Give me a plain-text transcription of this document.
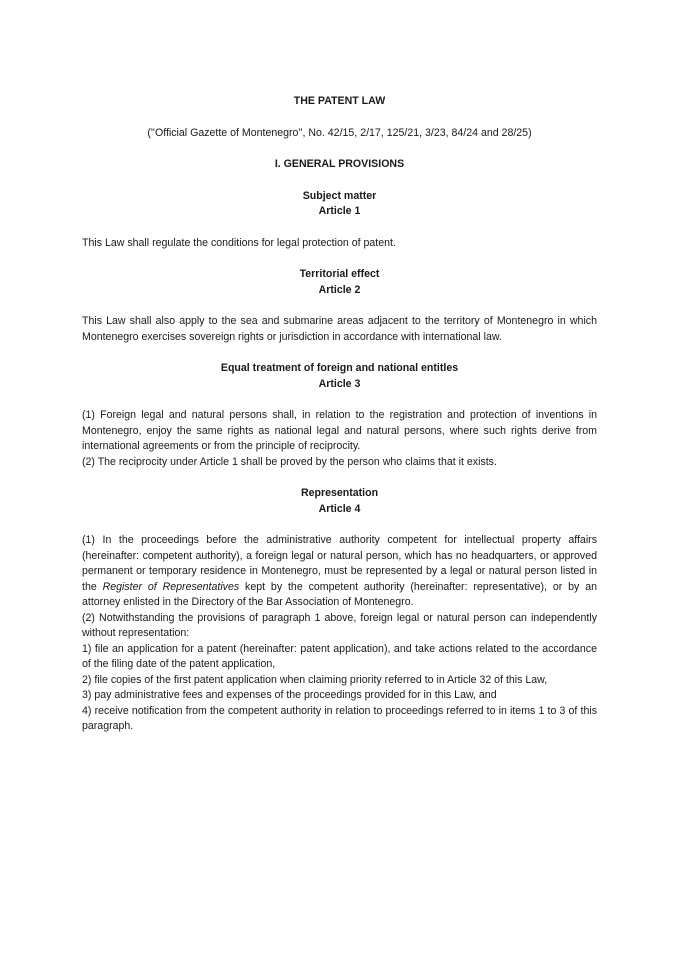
THE PATENT LAW
(''Official Gazette of Montenegro'', No. 42/15, 2/17, 125/21, 3/23, 84/24 and 28/25)
I. GENERAL PROVISIONS
Subject matter
Article 1

This Law shall regulate the conditions for legal protection of patent.

Territorial effect
Article 2

This Law shall also apply to the sea and submarine areas adjacent to the territory of Montenegro in which Montenegro exercises sovereign rights or jurisdiction in accordance with international law.

Equal treatment of foreign and national entitles
Article 3

(1) Foreign legal and natural persons shall, in relation to the registration and protection of inventions in Montenegro, enjoy the same rights as national legal and natural persons, where such rights derive from international agreements or from the principle of reciprocity.

(2) The reciprocity under Article 1 shall be proved by the person who claims that it exists.

Representation
Article 4

(1) In the proceedings before the administrative authority competent for intellectual property affairs (hereinafter: competent authority), a foreign legal or natural person, which has no headquarters, or approved permanent or temporary residence in Montenegro, must be represented by a legal or natural person listed in the Register of Representatives kept by the competent authority (hereinafter: representative), or by an attorney enlisted in the Directory of the Bar Association of Montenegro.

(2) Notwithstanding the provisions of paragraph 1 above, foreign legal or natural person can independently without representation:

1) file an application for a patent (hereinafter: patent application), and take actions related to the accordance of the filing date of the patent application,

2) file copies of the first patent application when claiming priority referred to in Article 32 of this Law,

3) pay administrative fees and expenses of the proceedings provided for in this Law, and

4) receive notification from the competent authority in relation to proceedings referred to in items 1 to 3 of this paragraph.
